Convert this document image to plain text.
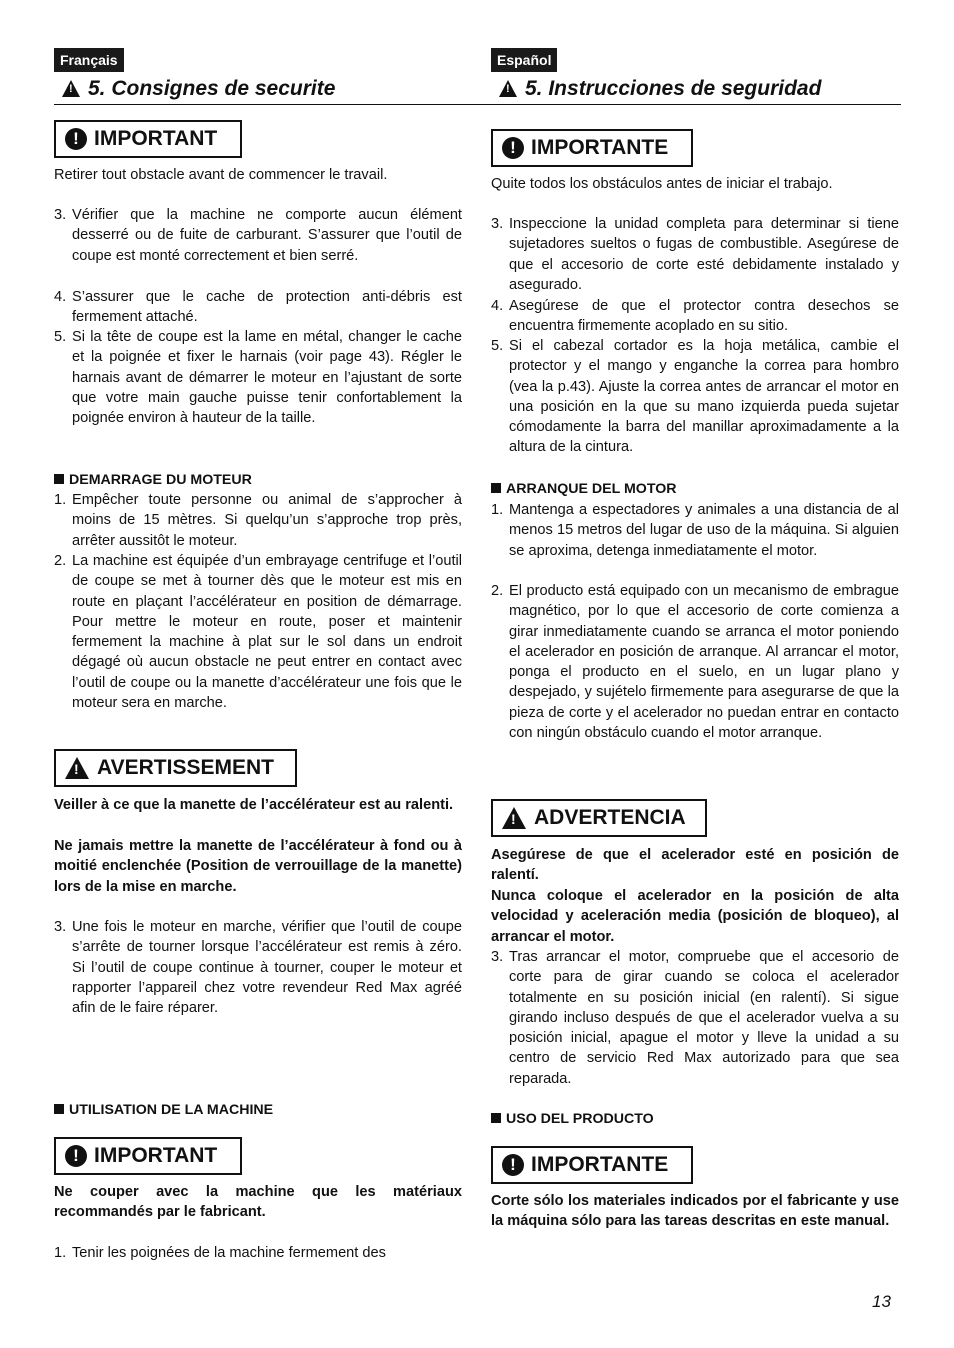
Français
!5. Consignes de securite
! IMPORTANT

Retirer tout obstacle avant de commencer le travail.

3. Vérifier que la machine ne comporte aucun élément desserré ou de fuite de carburant. S’assurer que l’outil de coupe est monté correctement et bien serré.
4. S’assurer que le cache de protection anti-débris est fermement attaché.
5. Si la tête de coupe est la lame en métal, changer le cache et la poignée et fixer le harnais (voir page 43). Régler le harnais avant de démarrer le moteur en l’ajustant de sorte que votre main gauche puisse tenir confortablement la poignée environ à hauteur de la taille.
DEMARRAGE DU MOTEUR
1. Empêcher toute personne ou animal de s’approcher à moins de 15 mètres. Si quelqu’un s’approche trop près, arrêter aussitôt le moteur.
2. La machine est équipée d’un embrayage centrifuge et l’outil de coupe se met à tourner dès que le moteur est mis en route en plaçant l’accélérateur en position de démarrage. Pour mettre le moteur en route, poser et maintenir fermement la machine à plat sur le sol dans un endroit dégagé où aucun obstacle ne peut entrer en contact avec l’outil de coupe ou la manette d’accélérateur une fois que le moteur sera en marche.
!
AVERTISSEMENT

Veiller à ce que la manette de l’accélérateur est au ralenti.

Ne jamais mettre la manette de l’accélérateur à fond ou à moitié enclenchée (Position de verrouillage de la manette) lors de la mise en marche.

3. Une fois le moteur en marche, vérifier que l’outil de coupe s’arrête de tourner lorsque l’accélérateur est remis à zéro. Si l’outil de coupe continue à tourner, couper le moteur et rapporter l’appareil chez votre revendeur Red Max agréé afin de le faire réparer.
UTILISATION DE LA MACHINE
! IMPORTANT

Ne couper avec la machine que les matériaux recommandés par le fabricant.

1. Tenir les poignées de la machine fermement des
Español
!5. Instrucciones de seguridad
! IMPORTANTE

Quite todos los obstáculos antes de iniciar el trabajo.

3. Inspeccione la unidad completa para determinar si tiene sujetadores sueltos o fugas de combustible. Asegúrese de que el accesorio de corte esté debidamente instalado y asegurado.
4. Asegúrese de que el protector contra desechos se encuentra firmemente acoplado en su sitio.
5. Si el cabezal cortador es la hoja metálica, cambie el protector y el mango y enganche la correa para hombro (vea la p.43). Ajuste la correa antes de arrancar el motor en una posición en la que su mano izquierda pueda sujetar cómodamente la barra del manillar aproximadamente a la altura de la cintura.
ARRANQUE DEL MOTOR
1. Mantenga a espectadores y animales a una distancia de al menos 15 metros del lugar de uso de la máquina. Si alguien se aproxima, detenga inmediatamente el motor.
2. El producto está equipado con un mecanismo de embrague magnético, por lo que el accesorio de corte comienza a girar inmediatamente cuando se arranca el motor poniendo el acelerador en posición de arranque. Al arrancar el motor, ponga el producto en el suelo, en un lugar plano y despejado, y sujételo firmemente para asegurarse de que la pieza de corte y el acelerador no puedan entrar en contacto con ningún obstáculo cuando el motor arranque.
!
ADVERTENCIA

Asegúrese de que el acelerador esté en posición de ralentí.

Nunca coloque el acelerador en la posición de alta velocidad y aceleración media (posición de bloqueo), al arrancar el motor.

3. Tras arrancar el motor, compruebe que el accesorio de corte para de girar cuando se coloca el acelerador totalmente en su posición inicial (en ralentí). Si sigue girando incluso después de que el acelerador vuelva a su posición inicial, apague el motor y lleve la unidad a su centro de servicio Red Max autorizado para que sea reparada.
USO DEL PRODUCTO
! IMPORTANTE

Corte sólo los materiales indicados por el fabricante y use la máquina sólo para las tareas descritas en este manual.

13
